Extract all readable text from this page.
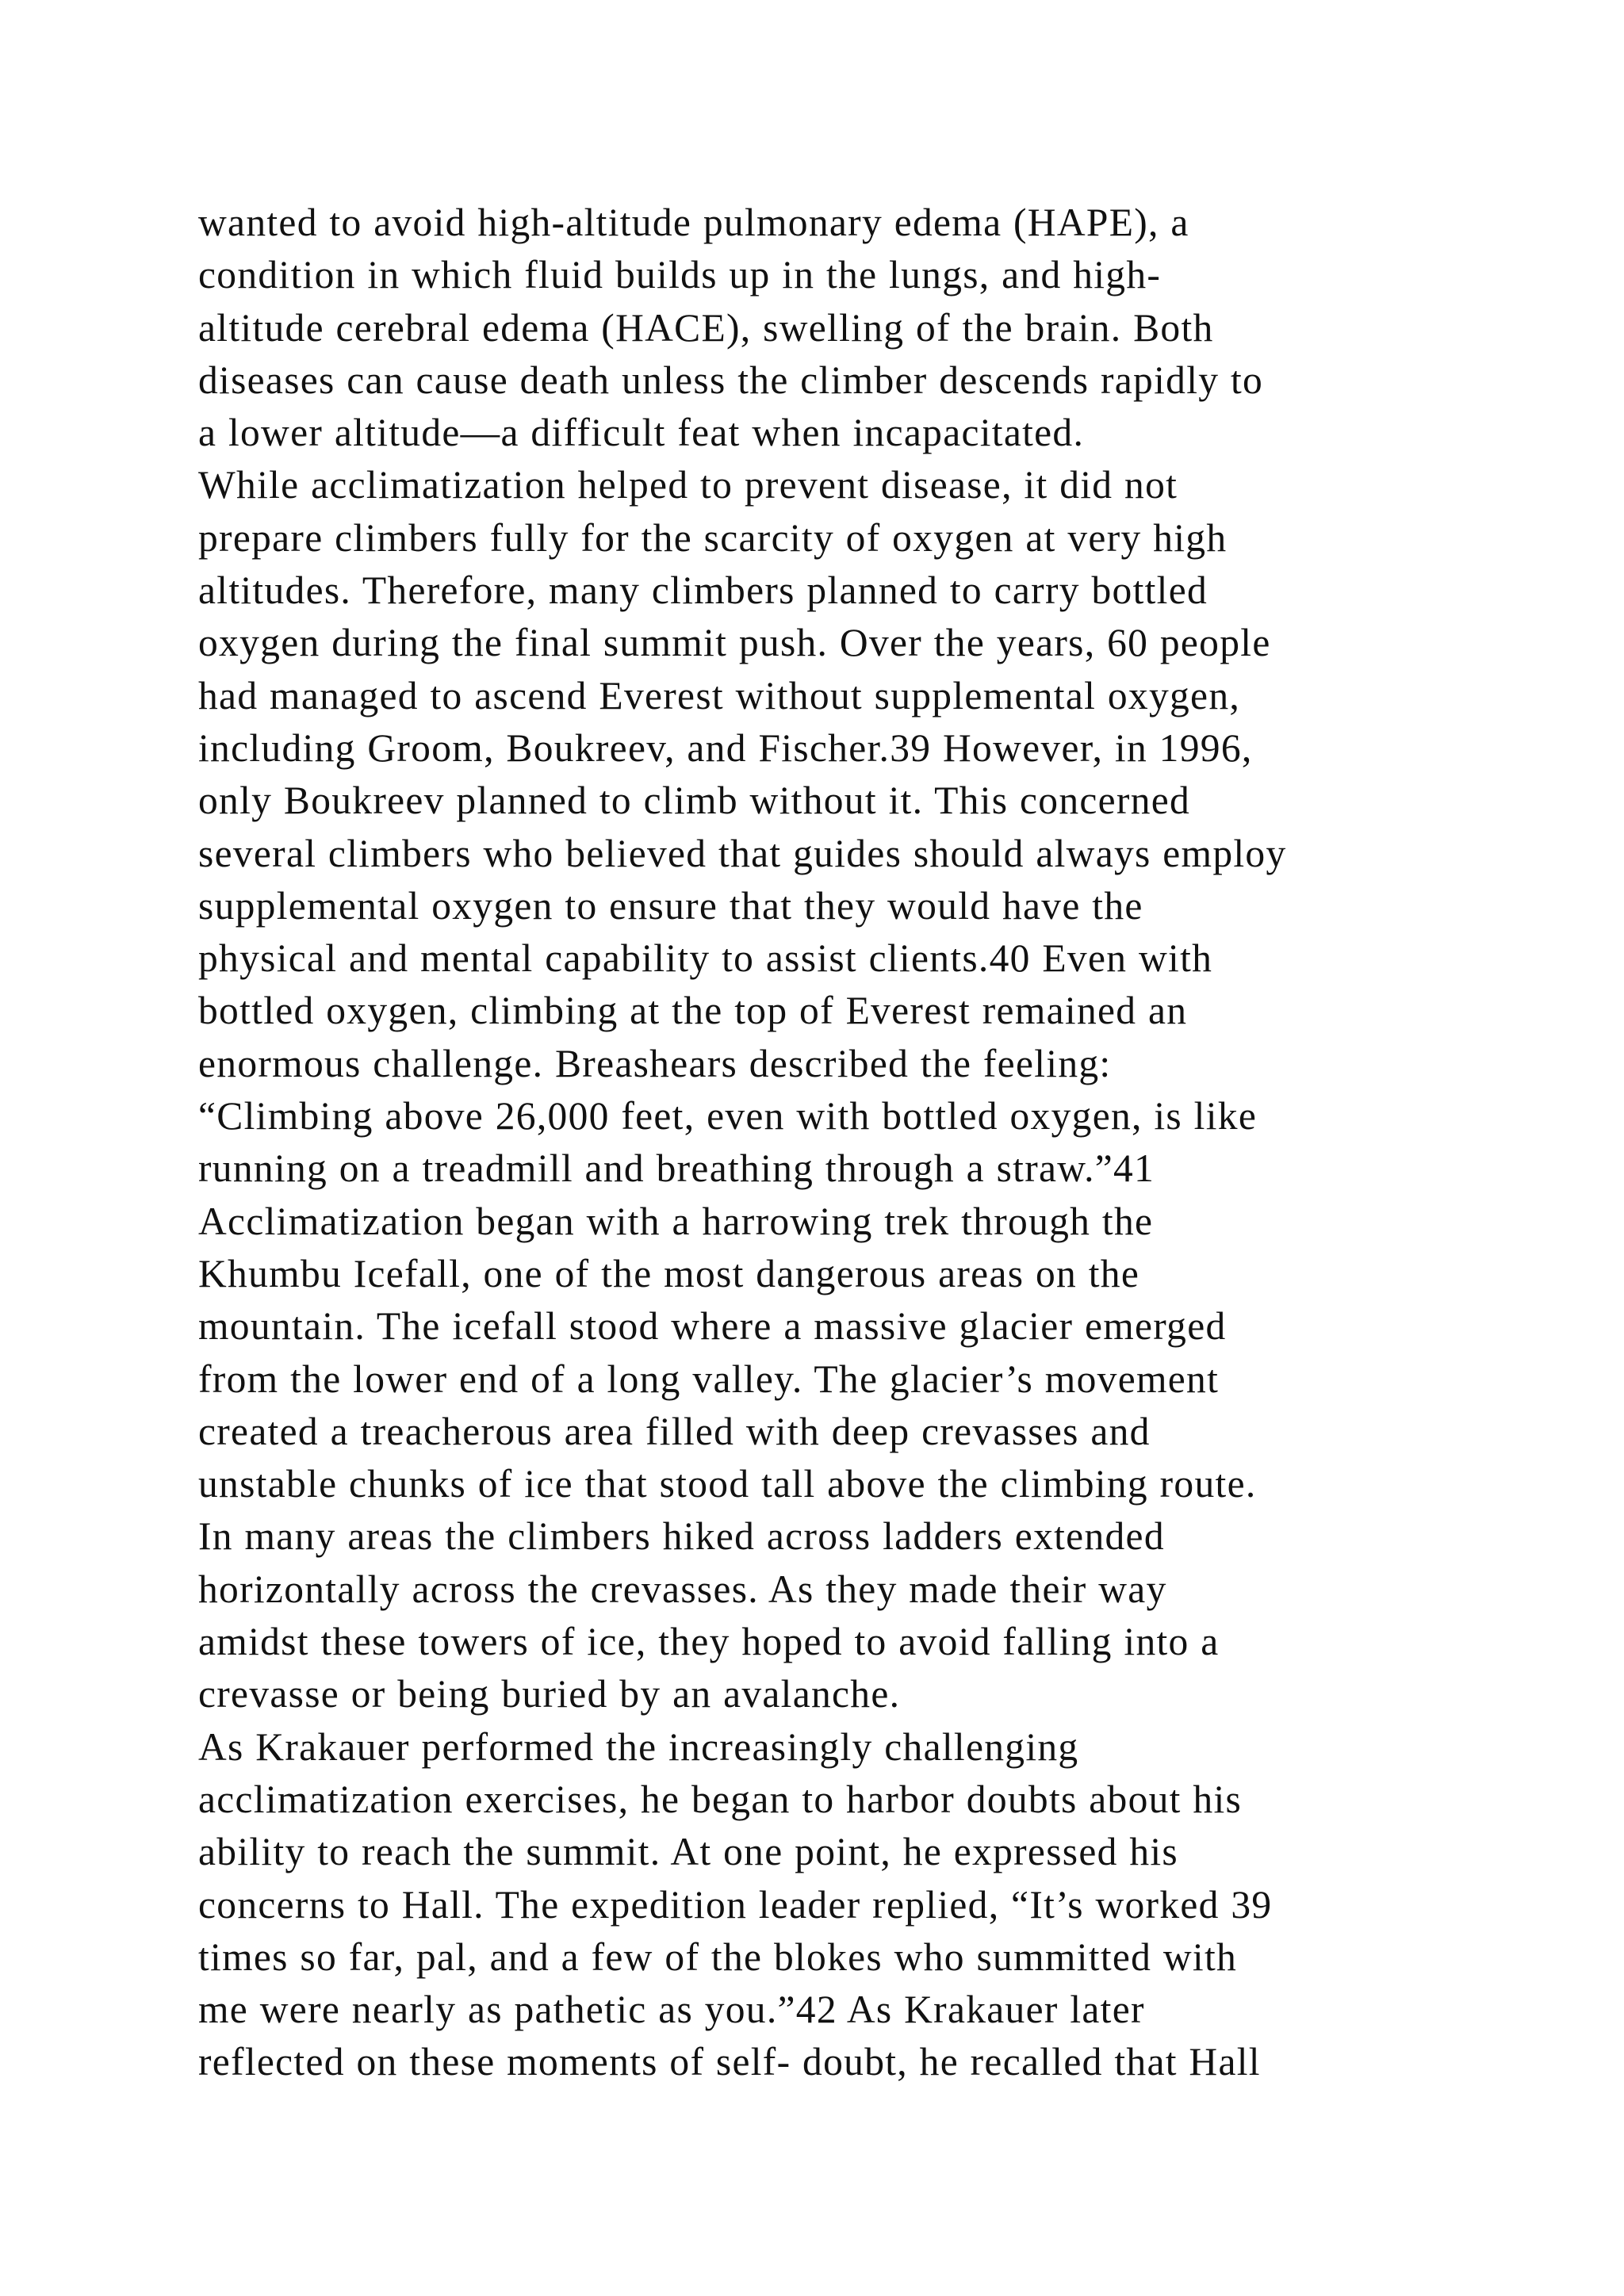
wanted to avoid high-altitude pulmonary edema (HAPE), a
condition in which fluid builds up in the lungs, and high-
altitude cerebral edema (HACE), swelling of the brain. Both
diseases can cause death unless the climber descends rapidly to
a lower altitude—a difficult feat when incapacitated.
While acclimatization helped to prevent disease, it did not
prepare climbers fully for the scarcity of oxygen at very high
altitudes. Therefore, many climbers planned to carry bottled
oxygen during the final summit push. Over the years, 60 people
had managed to ascend Everest without supplemental oxygen,
including Groom, Boukreev, and Fischer.39 However, in 1996,
only Boukreev planned to climb without it. This concerned
several climbers who believed that guides should always employ
supplemental oxygen to ensure that they would have the
physical and mental capability to assist clients.40 Even with
bottled oxygen, climbing at the top of Everest remained an
enormous challenge. Breashears described the feeling:
“Climbing above 26,000 feet, even with bottled oxygen, is like
running on a treadmill and breathing through a straw.”41
Acclimatization began with a harrowing trek through the
Khumbu Icefall, one of the most dangerous areas on the
mountain. The icefall stood where a massive glacier emerged
from the lower end of a long valley. The glacier’s movement
created a treacherous area filled with deep crevasses and
unstable chunks of ice that stood tall above the climbing route.
In many areas the climbers hiked across ladders extended
horizontally across the crevasses. As they made their way
amidst these towers of ice, they hoped to avoid falling into a
crevasse or being buried by an avalanche.
As Krakauer performed the increasingly challenging
acclimatization exercises, he began to harbor doubts about his
ability to reach the summit. At one point, he expressed his
concerns to Hall. The expedition leader replied, “It’s worked 39
times so far, pal, and a few of the blokes who summitted with
me were nearly as pathetic as you.”42 As Krakauer later
reflected on these moments of self- doubt, he recalled that Hall
